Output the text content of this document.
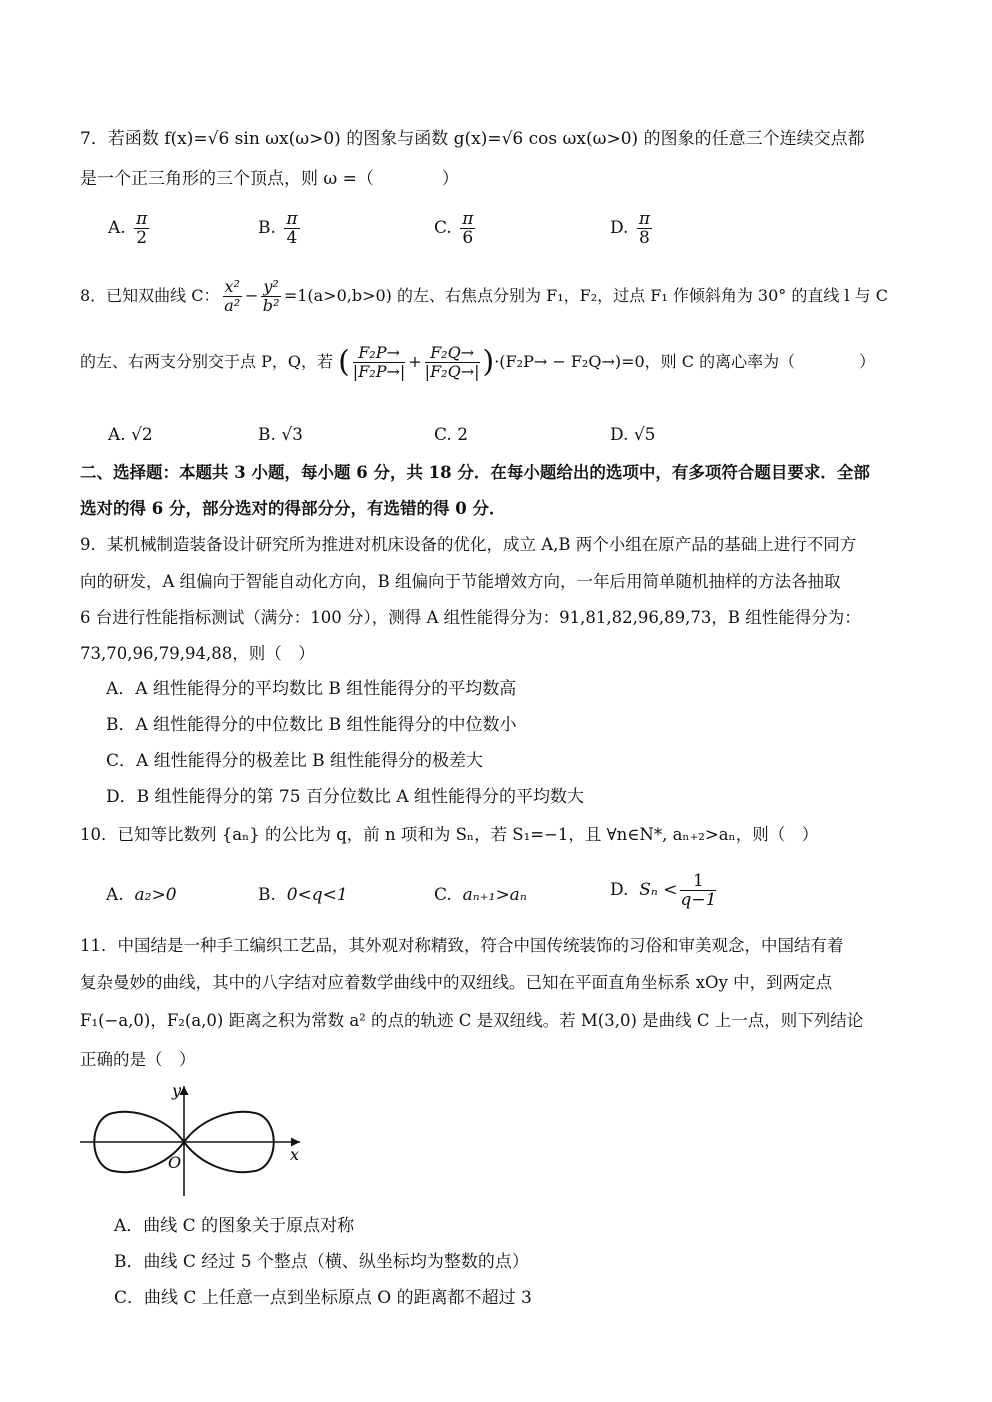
7．若函数 f(x)=√6 sin ωx(ω>0) 的图象与函数 g(x)=√6 cos ωx(ω>0) 的图象的任意三个连续交点都
是一个正三角形的三个顶点，则 ω =（　　　　）
A. $\frac{\pi}{2}$	B. $\frac{\pi}{4}$	C. $\frac{\pi}{6}$	D. $\frac{\pi}{8}$
8．已知双曲线 C： $\frac{\text{x²}}{\text{a²}} - \frac{\text{y²}}{\text{b²}} =1(a>0,b>0)$ 的左、右焦点分别为 F₁，F₂，过点 F₁ 作倾斜角为 30° 的直线 l 与 C
的左、右两支分别交于点 P，Q，若 ( $\frac{\text{F₂P→}}{\text{|F₂P→|}} + \frac{\text{F₂Q→}}{\text{|F₂Q→|}} )\cdot(F_2P\to - F_2Q\to)=0$，则 C 的离心率为（　　　　）
A. √2	B. √3	C. 2	D. √5
二、选择题：本题共 3 小题，每小题 6 分，共 18 分．在每小题给出的选项中，有多项符合题目要求．全部
选对的得 6 分，部分选对的得部分分，有选错的得 0 分．
9．某机械制造装备设计研究所为推进对机床设备的优化，成立 A,B 两个小组在原产品的基础上进行不同方
向的研发，A 组偏向于智能自动化方向，B 组偏向于节能增效方向，一年后用简单随机抽样的方法各抽取
6 台进行性能指标测试（满分：100 分），测得 A 组性能得分为：91,81,82,96,89,73，B 组性能得分为：
73,70,96,79,94,88，则（　）
A．A 组性能得分的平均数比 B 组性能得分的平均数高
B．A 组性能得分的中位数比 B 组性能得分的中位数小
C．A 组性能得分的极差比 B 组性能得分的极差大
D．B 组性能得分的第 75 百分位数比 A 组性能得分的平均数大
10．已知等比数列 {aₙ} 的公比为 q，前 n 项和为 Sₙ，若 S₁=−1，且 ∀n∈N*, aₙ₊₂>aₙ，则（　）
A. a₂>0	B. 0<q<1	C. aₙ₊₁>aₙ	D. $S_n < \frac{1}{q-1}$
11．中国结是一种手工编织工艺品，其外观对称精致，符合中国传统装饰的习俗和审美观念，中国结有着
复杂曼妙的曲线，其中的八字结对应着数学曲线中的双纽线。已知在平面直角坐标系 xOy 中，到两定点
F₁(−a,0)，F₂(a,0) 距离之积为常数 a² 的点的轨迹 C 是双纽线。若 M(3,0) 是曲线 C 上一点，则下列结论
正确的是（　）
y
x
O
A．曲线 C 的图象关于原点对称
B．曲线 C 经过 5 个整点（横、纵坐标均为整数的点）
C．曲线 C 上任意一点到坐标原点 O 的距离都不超过 3
